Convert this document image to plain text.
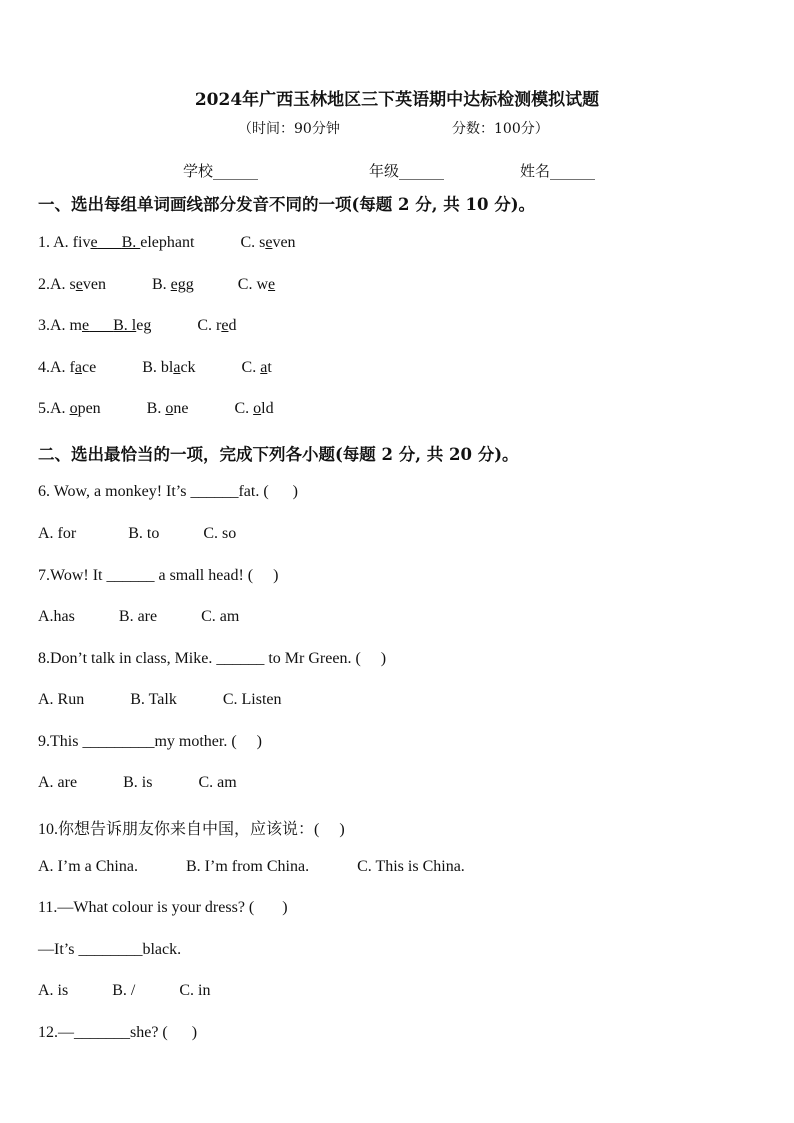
2024年广西玉林地区三下英语期中达标检测模拟试题
（时间：90分钟	分数：100分）
学校______	年级______	姓名______
一、选出每组单词画线部分发音不同的一项(每题 2 分, 共 10 分)。
1. A. five B. elephant	C. seven
2.A. seven	B. egg	C. we
3.A. me B. leg	C. red
4.A. face	B. black	C. at
5.A. open	B. one	C. old
二、选出最恰当的一项，完成下列各小题(每题 2 分, 共 20 分)。
6. Wow, a monkey! It’s ______fat. (      )
A. for	B. to	C. so
7.Wow! It ______ a small head! (     )
A.has	B. are	C. am
8.Don’t talk in class, Mike. ______ to Mr Green. (     )
A. Run	B. Talk	C. Listen
9.This _________my mother. (     )
A. are	B. is	C. am
10.你想告诉朋友你来自中国，应该说：(     )
A. I’m a China.	B. I’m from China.	C. This is China.
11.—What colour is your dress? (       )
—It’s ________black.
A. is	B. /	C. in
12.—_______she? (      )
